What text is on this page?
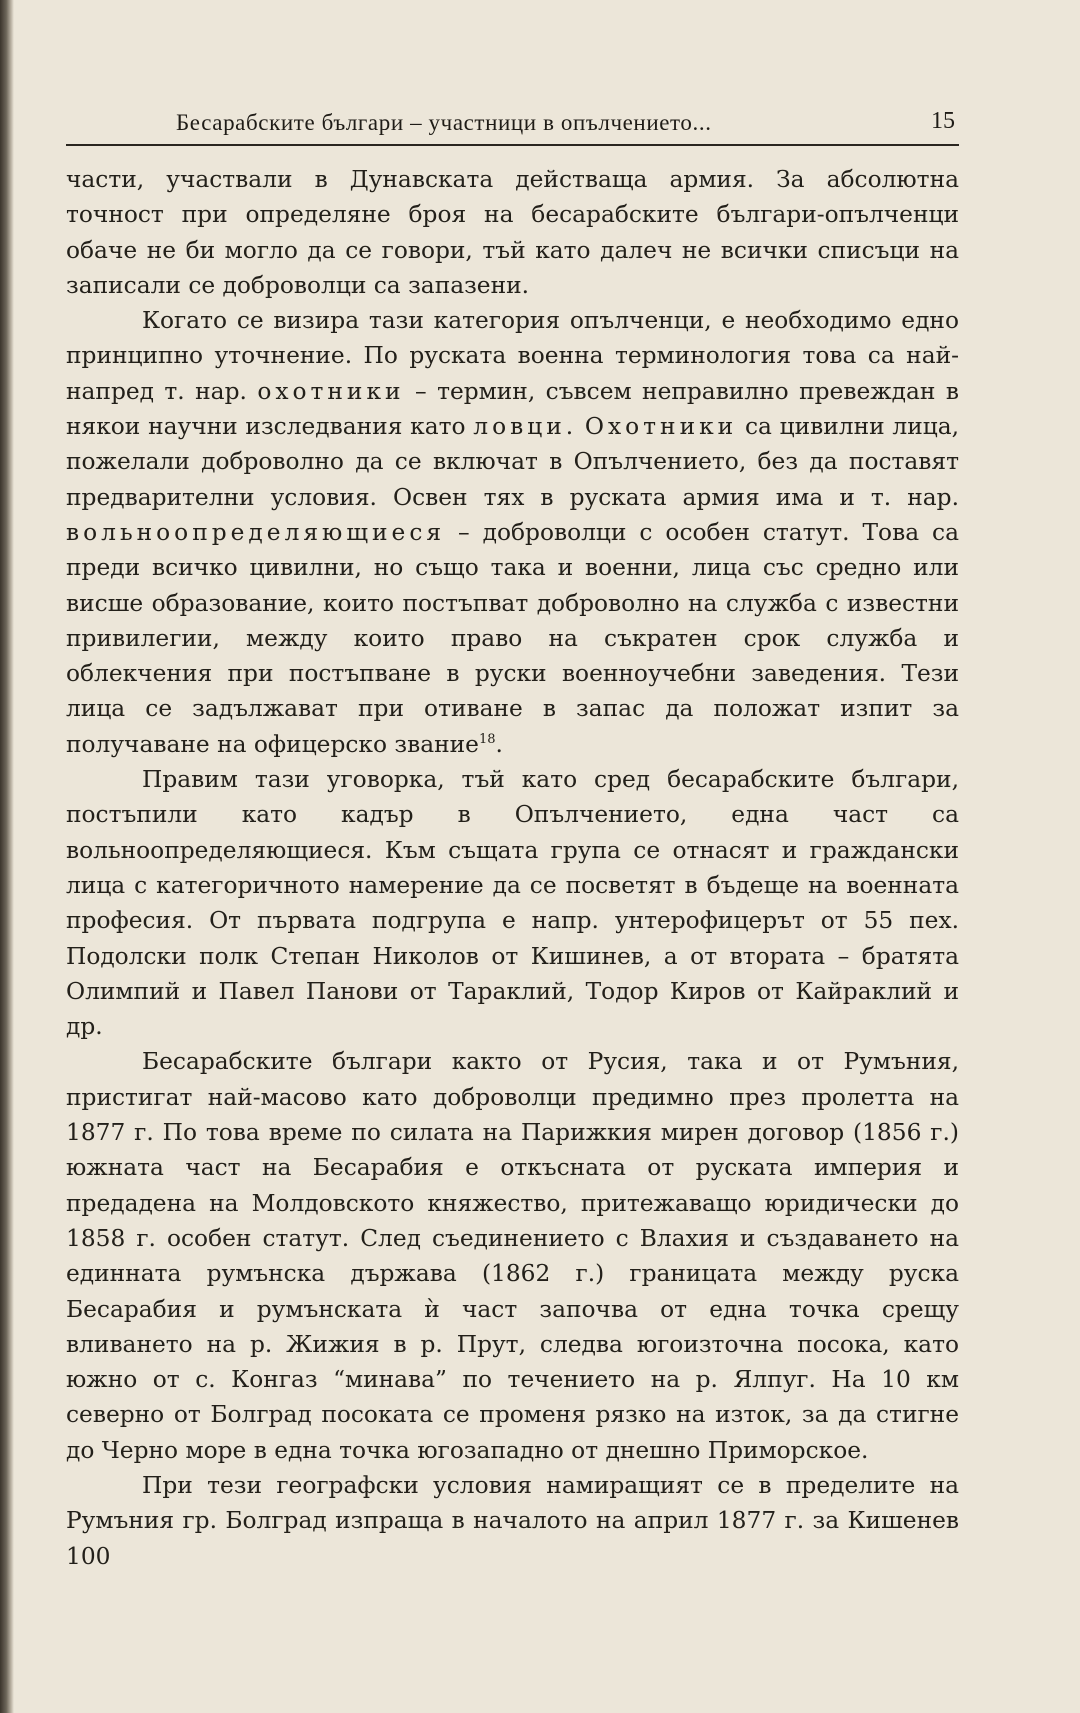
Бесарабските българи – участници в опълчението...	15

части, участвали в Дунавската действаща армия. За абсолютна точност при определяне броя на бесарабските българи-опълченци обаче не би могло да се говори, тъй като далеч не всички списъци на записали се доброволци са запазени.

Когато се визира тази категория опълченци, е необходимо едно принципно уточнение. По руската военна терминология това са най-напред т. нар. охотники – термин, съвсем неправилно превеждан в някои научни изследвания като ловци. Охотники са цивилни лица, пожелали доброволно да се включат в Опълчението, без да поставят предварителни условия. Освен тях в руската армия има и т. нар. вольноопределяющиеся – доброволци с особен статут. Това са преди всичко цивилни, но също така и военни, лица със средно или висше образование, които постъпват доброволно на служба с известни привилегии, между които право на съкратен срок служба и облекчения при постъпване в руски военноучебни заведения. Тези лица се задължават при отиване в запас да положат изпит за получаване на офицерско звание$^{18}$.

Правим тази уговорка, тъй като сред бесарабските българи, постъпили като кадър в Опълчението, една част са вольноопределяющиеся. Към същата група се отнасят и граждански лица с категоричното намерение да се посветят в бъдеще на военната професия. От първата подгрупа е напр. унтерофицерът от 55 пех. Подолски полк Степан Николов от Кишинев, а от втората – братята Олимпий и Павел Панови от Тараклий, Тодор Киров от Кайраклий и др.

Бесарабските българи както от Русия, така и от Румъния, пристигат най-масово като доброволци предимно през пролетта на 1877 г. По това време по силата на Парижкия мирен договор (1856 г.) южната част на Бесарабия е откъсната от руската империя и предадена на Молдовското княжество, притежаващо юридически до 1858 г. особен статут. След съединението с Влахия и създаването на единната румънска държава (1862 г.) границата между руска Бесарабия и румънската ѝ част започва от една точка срещу вливането на р. Жижия в р. Прут, следва югоизточна посока, като южно от с. Конгаз “минава” по течението на р. Ялпуг. На 10 км северно от Болград посоката се променя рязко на изток, за да стигне до Черно море в една точка югозападно от днешно Приморское.

При тези географски условия намиращият се в пределите на Румъния гр. Болград изпраща в началото на април 1877 г. за Кишенев 100
